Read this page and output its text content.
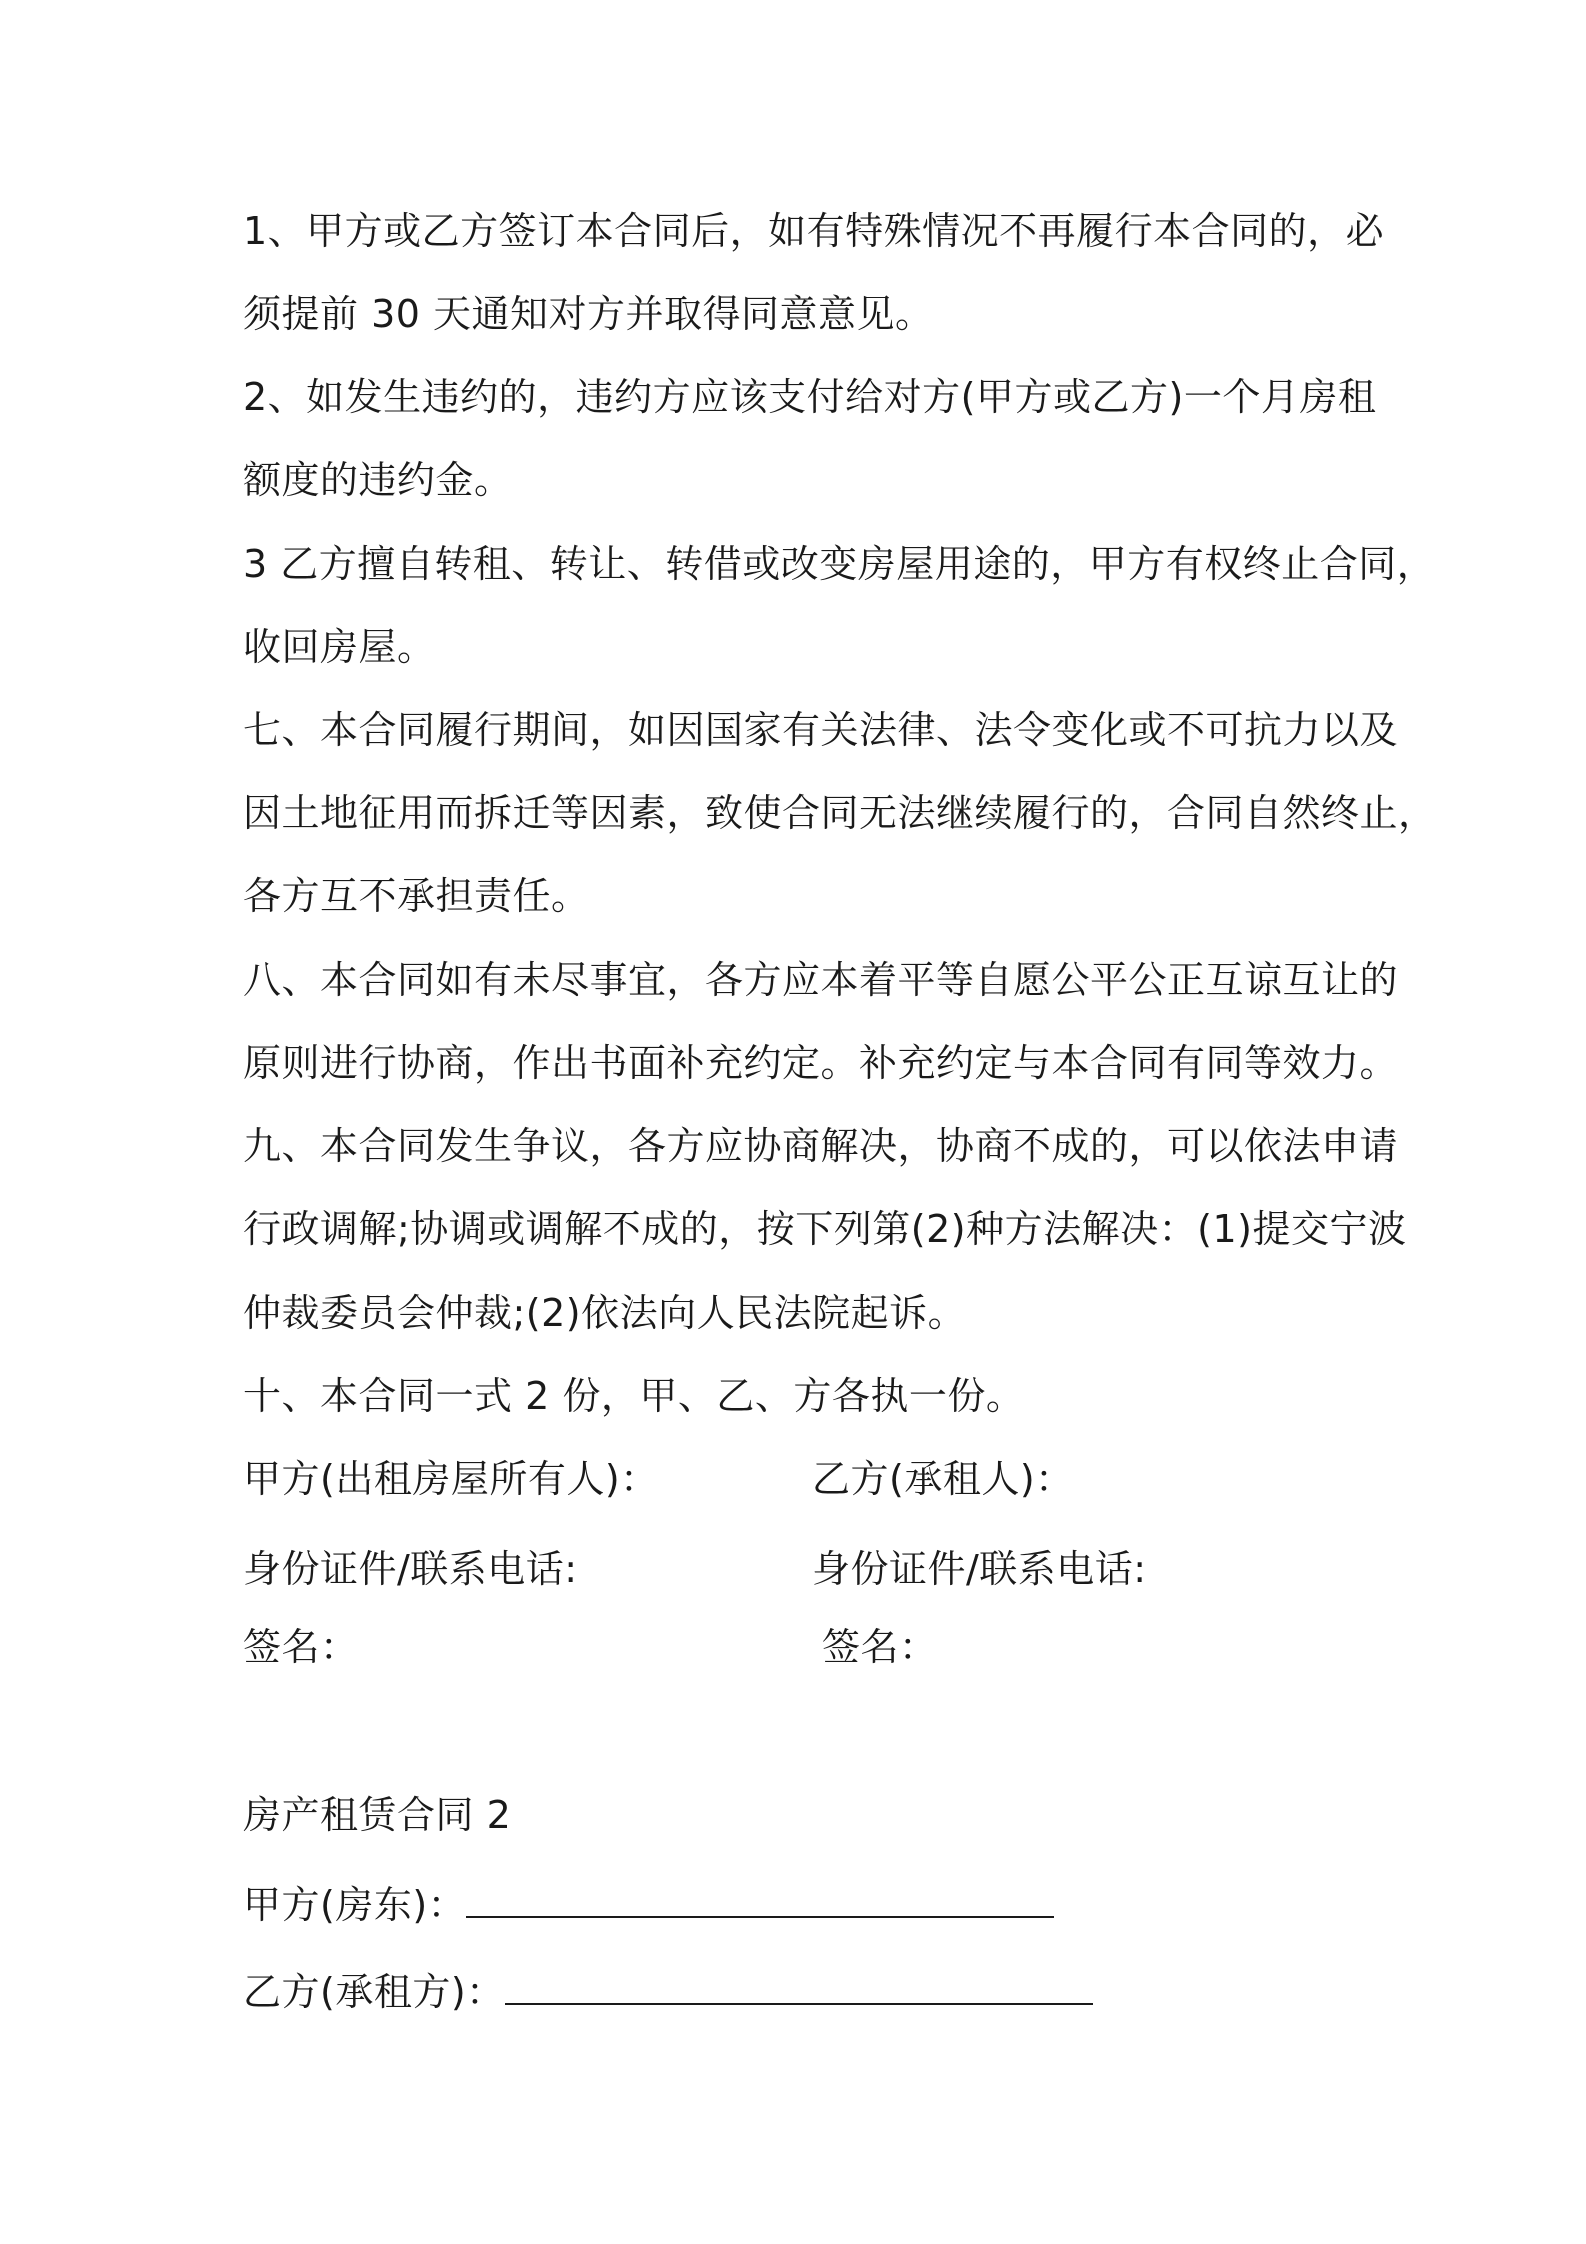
1、甲方或乙方签订本合同后，如有特殊情况不再履行本合同的，必
须提前 30 天通知对方并取得同意意见。
2、如发生违约的，违约方应该支付给对方(甲方或乙方)一个月房租
额度的违约金。
3 乙方擅自转租、转让、转借或改变房屋用途的，甲方有权终止合同，
收回房屋。
七、本合同履行期间，如因国家有关法律、法令变化或不可抗力以及
因土地征用而拆迁等因素，致使合同无法继续履行的，合同自然终止，
各方互不承担责任。
八、本合同如有未尽事宜，各方应本着平等自愿公平公正互谅互让的
原则进行协商，作出书面补充约定。补充约定与本合同有同等效力。
九、本合同发生争议，各方应协商解决，协商不成的，可以依法申请
行政调解;协调或调解不成的，按下列第(2)种方法解决：(1)提交宁波
仲裁委员会仲裁;(2)依法向人民法院起诉。
十、本合同一式 2 份，甲、乙、方各执一份。
甲方(出租房屋所有人)：	乙方(承租人)：
身份证件/联系电话:	身份证件/联系电话:
签名：	签名：
房产租赁合同 2
甲方(房东)：
乙方(承租方)：
